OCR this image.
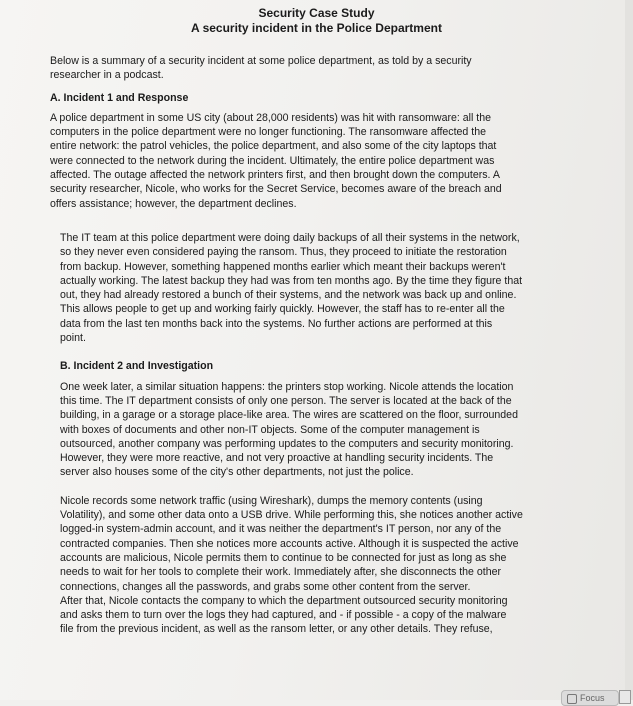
Security Case Study
A security incident in the Police Department

Below is a summary of a security incident at some police department, as told by a security

researcher in a podcast.

A. Incident 1 and Response

A police department in some US city (about 28,000 residents) was hit with ransomware: all the

computers in the police department were no longer functioning. The ransomware affected the

entire network: the patrol vehicles, the police department, and also some of the city laptops that

were connected to the network during the incident. Ultimately, the entire police department was

affected. The outage affected the network printers first, and then brought down the computers. A

security researcher, Nicole, who works for the Secret Service, becomes aware of the breach and

offers assistance; however, the department declines.

The IT team at this police department were doing daily backups of all their systems in the network,

so they never even considered paying the ransom. Thus, they proceed to initiate the restoration

from backup. However, something happened months earlier which meant their backups weren't

actually working. The latest backup they had was from ten months ago. By the time they figure that

out, they had already restored a bunch of their systems, and the network was back up and online.

This allows people to get up and working fairly quickly. However, the staff has to re-enter all the

data from the last ten months back into the systems. No further actions are performed at this

point.

B. Incident 2 and Investigation

One week later, a similar situation happens: the printers stop working. Nicole attends the location

this time. The IT department consists of only one person. The server is located at the back of the

building, in a garage or a storage place-like area. The wires are scattered on the floor, surrounded

with boxes of documents and other non-IT objects. Some of the computer management is

outsourced, another company was performing updates to the computers and security monitoring.

However, they were more reactive, and not very proactive at handling security incidents. The

server also houses some of the city's other departments, not just the police.

Nicole records some network traffic (using Wireshark), dumps the memory contents (using

Volatility), and some other data onto a USB drive. While performing this, she notices another active

logged-in system-admin account, and it was neither the department's IT person, nor any of the

contracted companies. Then she notices more accounts active. Although it is suspected the active

accounts are malicious, Nicole permits them to continue to be connected for just as long as she

needs to wait for her tools to complete their work. Immediately after, she disconnects the other

connections, changes all the passwords, and grabs some other content from the server.

After that, Nicole contacts the company to which the department outsourced security monitoring

and asks them to turn over the logs they had captured, and - if possible - a copy of the malware

file from the previous incident, as well as the ransom letter, or any other details. They refuse,

Focus
